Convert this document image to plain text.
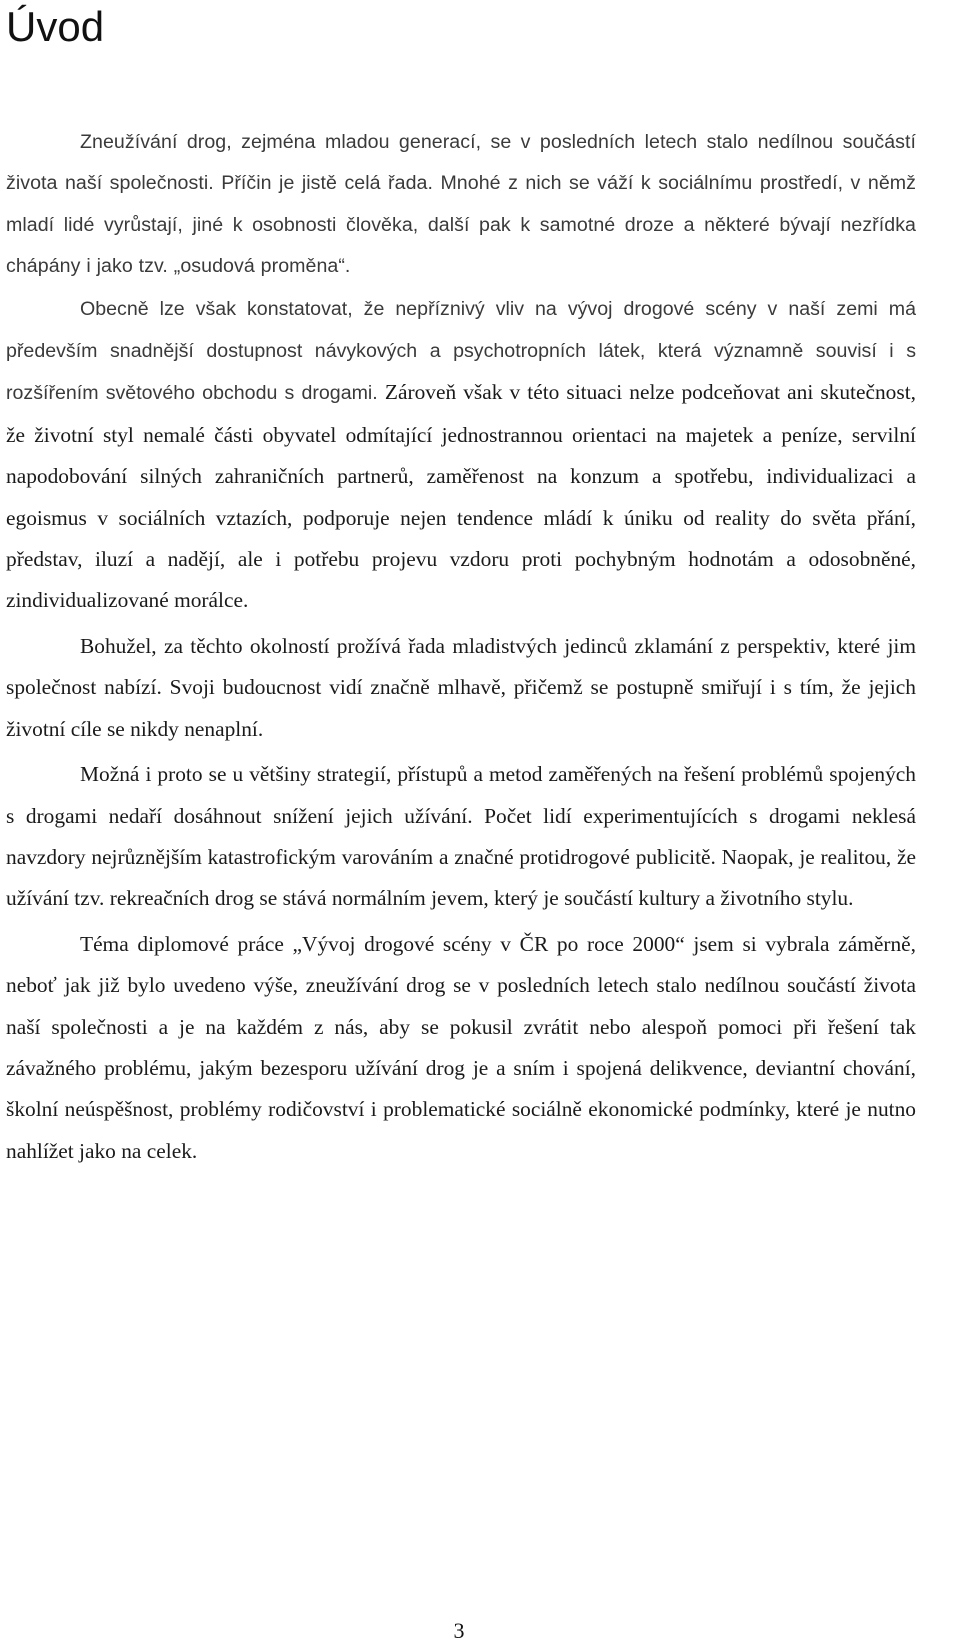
Úvod

Zneužívání drog, zejména mladou generací, se v posledních letech stalo nedílnou součástí života naší společnosti. Příčin je jistě celá řada. Mnohé z nich se váží k sociálnímu prostředí, v němž mladí lidé vyrůstají, jiné k osobnosti člověka, další pak k samotné droze a některé bývají nezřídka chápány i jako tzv. „osudová proměna“.

Obecně lze však konstatovat, že nepříznivý vliv na vývoj drogové scény v naší zemi má především snadnější dostupnost návykových a psychotropních látek, která významně souvisí i s rozšířením světového obchodu s drogami. Zároveň však v této situaci nelze podceňovat ani skutečnost, že životní styl nemalé části obyvatel odmítající jednostrannou orientaci na majetek a peníze, servilní napodobování silných zahraničních partnerů, zaměřenost na konzum a spotřebu, individualizaci a egoismus v sociálních vztazích, podporuje nejen tendence mládí k úniku od reality do světa přání, představ, iluzí a nadějí, ale i potřebu projevu vzdoru proti pochybným hodnotám a odosobněné, zindividualizované morálce.

Bohužel, za těchto okolností prožívá řada mladistvých jedinců zklamání z perspektiv, které jim společnost nabízí. Svoji budoucnost vidí značně mlhavě, přičemž se postupně smiřují i s tím, že jejich životní cíle se nikdy nenaplní.

Možná i proto se u většiny strategií, přístupů a metod zaměřených na řešení problémů spojených s drogami nedaří dosáhnout snížení jejich užívání. Počet lidí experimentujících s drogami neklesá navzdory nejrůznějším katastrofickým varováním a značné protidrogové publicitě. Naopak, je realitou, že užívání tzv. rekreačních drog se stává normálním jevem, který je součástí kultury a životního stylu.

Téma diplomové práce „Vývoj drogové scény v ČR po roce 2000“ jsem si vybrala záměrně, neboť jak již bylo uvedeno výše, zneužívání drog se v posledních letech stalo nedílnou součástí života naší společnosti a je na každém z nás, aby se pokusil zvrátit nebo alespoň pomoci při řešení tak závažného problému, jakým bezesporu užívání drog je a sním i spojená delikvence, deviantní chování, školní neúspěšnost, problémy rodičovství i problematické sociálně ekonomické podmínky, které je nutno nahlížet jako na celek.

3
